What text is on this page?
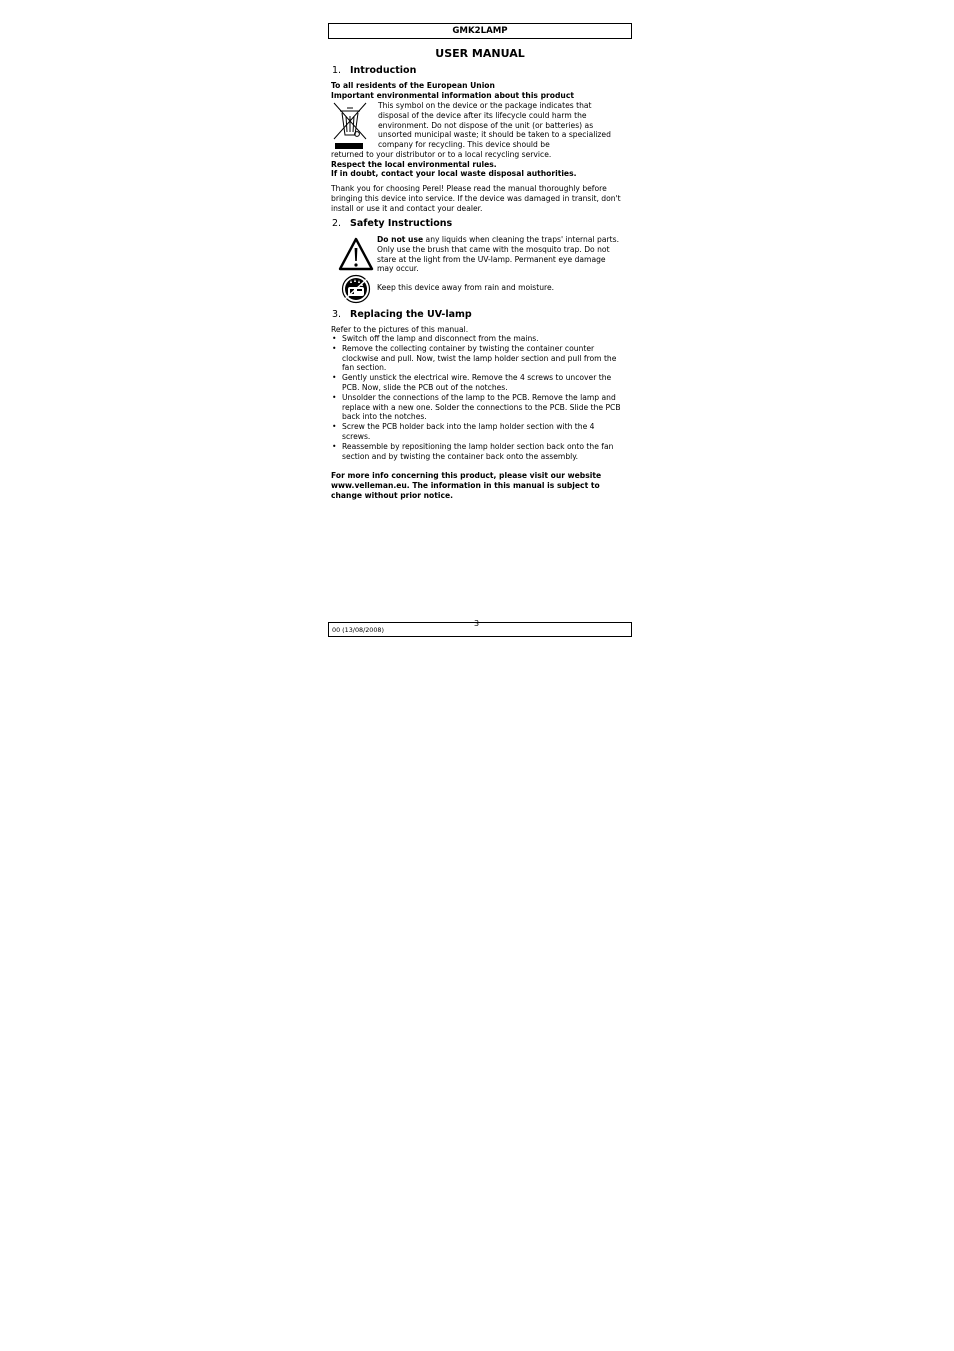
GMK2LAMP
USER MANUAL
1. Introduction
To all residents of the European Union
Important environmental information about this product
This symbol on the device or the package indicates that disposal of the device after its lifecycle could harm the environment. Do not dispose of the unit (or batteries) as unsorted municipal waste; it should be taken to a specialized company for recycling. This device should be
returned to your distributor or to a local recycling service.
Respect the local environmental rules.
If in doubt, contact your local waste disposal authorities.
Thank you for choosing Perel! Please read the manual thoroughly before bringing this device into service. If the device was damaged in transit, don't install or use it and contact your dealer.
2. Safety Instructions
Do not use any liquids when cleaning the traps' internal parts. Only use the brush that came with the mosquito trap. Do not stare at the light from the UV-lamp. Permanent eye damage may occur.
Keep this device away from rain and moisture.
3. Replacing the UV-lamp
Refer to the pictures of this manual.
• Switch off the lamp and disconnect from the mains.
• Remove the collecting container by twisting the container counter clockwise and pull. Now, twist the lamp holder section and pull from the fan section.
• Gently unstick the electrical wire. Remove the 4 screws to uncover the PCB. Now, slide the PCB out of the notches.
• Unsolder the connections of the lamp to the PCB. Remove the lamp and replace with a new one. Solder the connections to the PCB. Slide the PCB back into the notches.
• Screw the PCB holder back into the lamp holder section with the 4 screws.
• Reassemble by repositioning the lamp holder section back onto the fan section and by twisting the container back onto the assembly.
For more info concerning this product, please visit our website www.velleman.eu. The information in this manual is subject to change without prior notice.
00 (13/08/2008)
3
